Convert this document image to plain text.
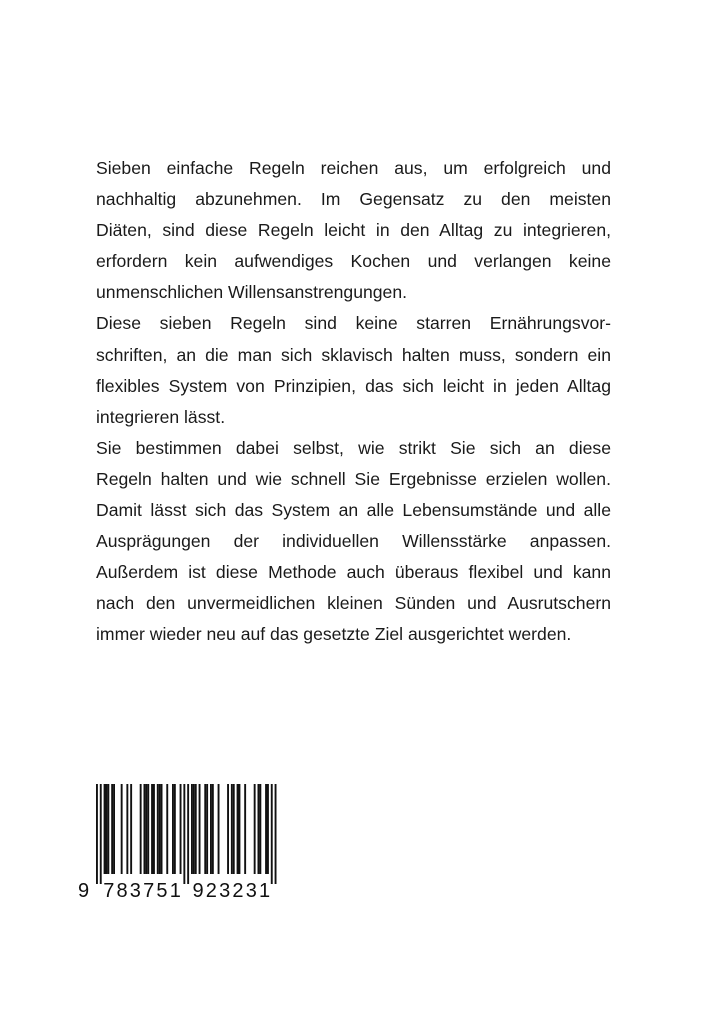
Sieben einfache Regeln reichen aus, um erfolgreich und
nachhaltig abzunehmen. Im Gegensatz zu den meisten
Diäten, sind diese Regeln leicht in den Alltag zu integrieren,
erfordern kein aufwendiges Kochen und verlangen keine
unmenschlichen Willensanstrengungen.

Diese sieben Regeln sind keine starren Ernährungsvor-
schriften, an die man sich sklavisch halten muss, sondern ein
flexibles System von Prinzipien, das sich leicht in jeden Alltag
integrieren lässt.

Sie bestimmen dabei selbst, wie strikt Sie sich an diese
Regeln halten und wie schnell Sie Ergebnisse erzielen wollen.
Damit lässt sich das System an alle Lebensumstände und alle
Ausprägungen der individuellen Willensstärke anpassen.
Außerdem ist diese Methode auch überaus flexibel und kann
nach den unvermeidlichen kleinen Sünden und Ausrutschern
immer wieder neu auf das gesetzte Ziel ausgerichtet werden.

9 7 8 3 7 5 1 9 2 3 2 3 1
